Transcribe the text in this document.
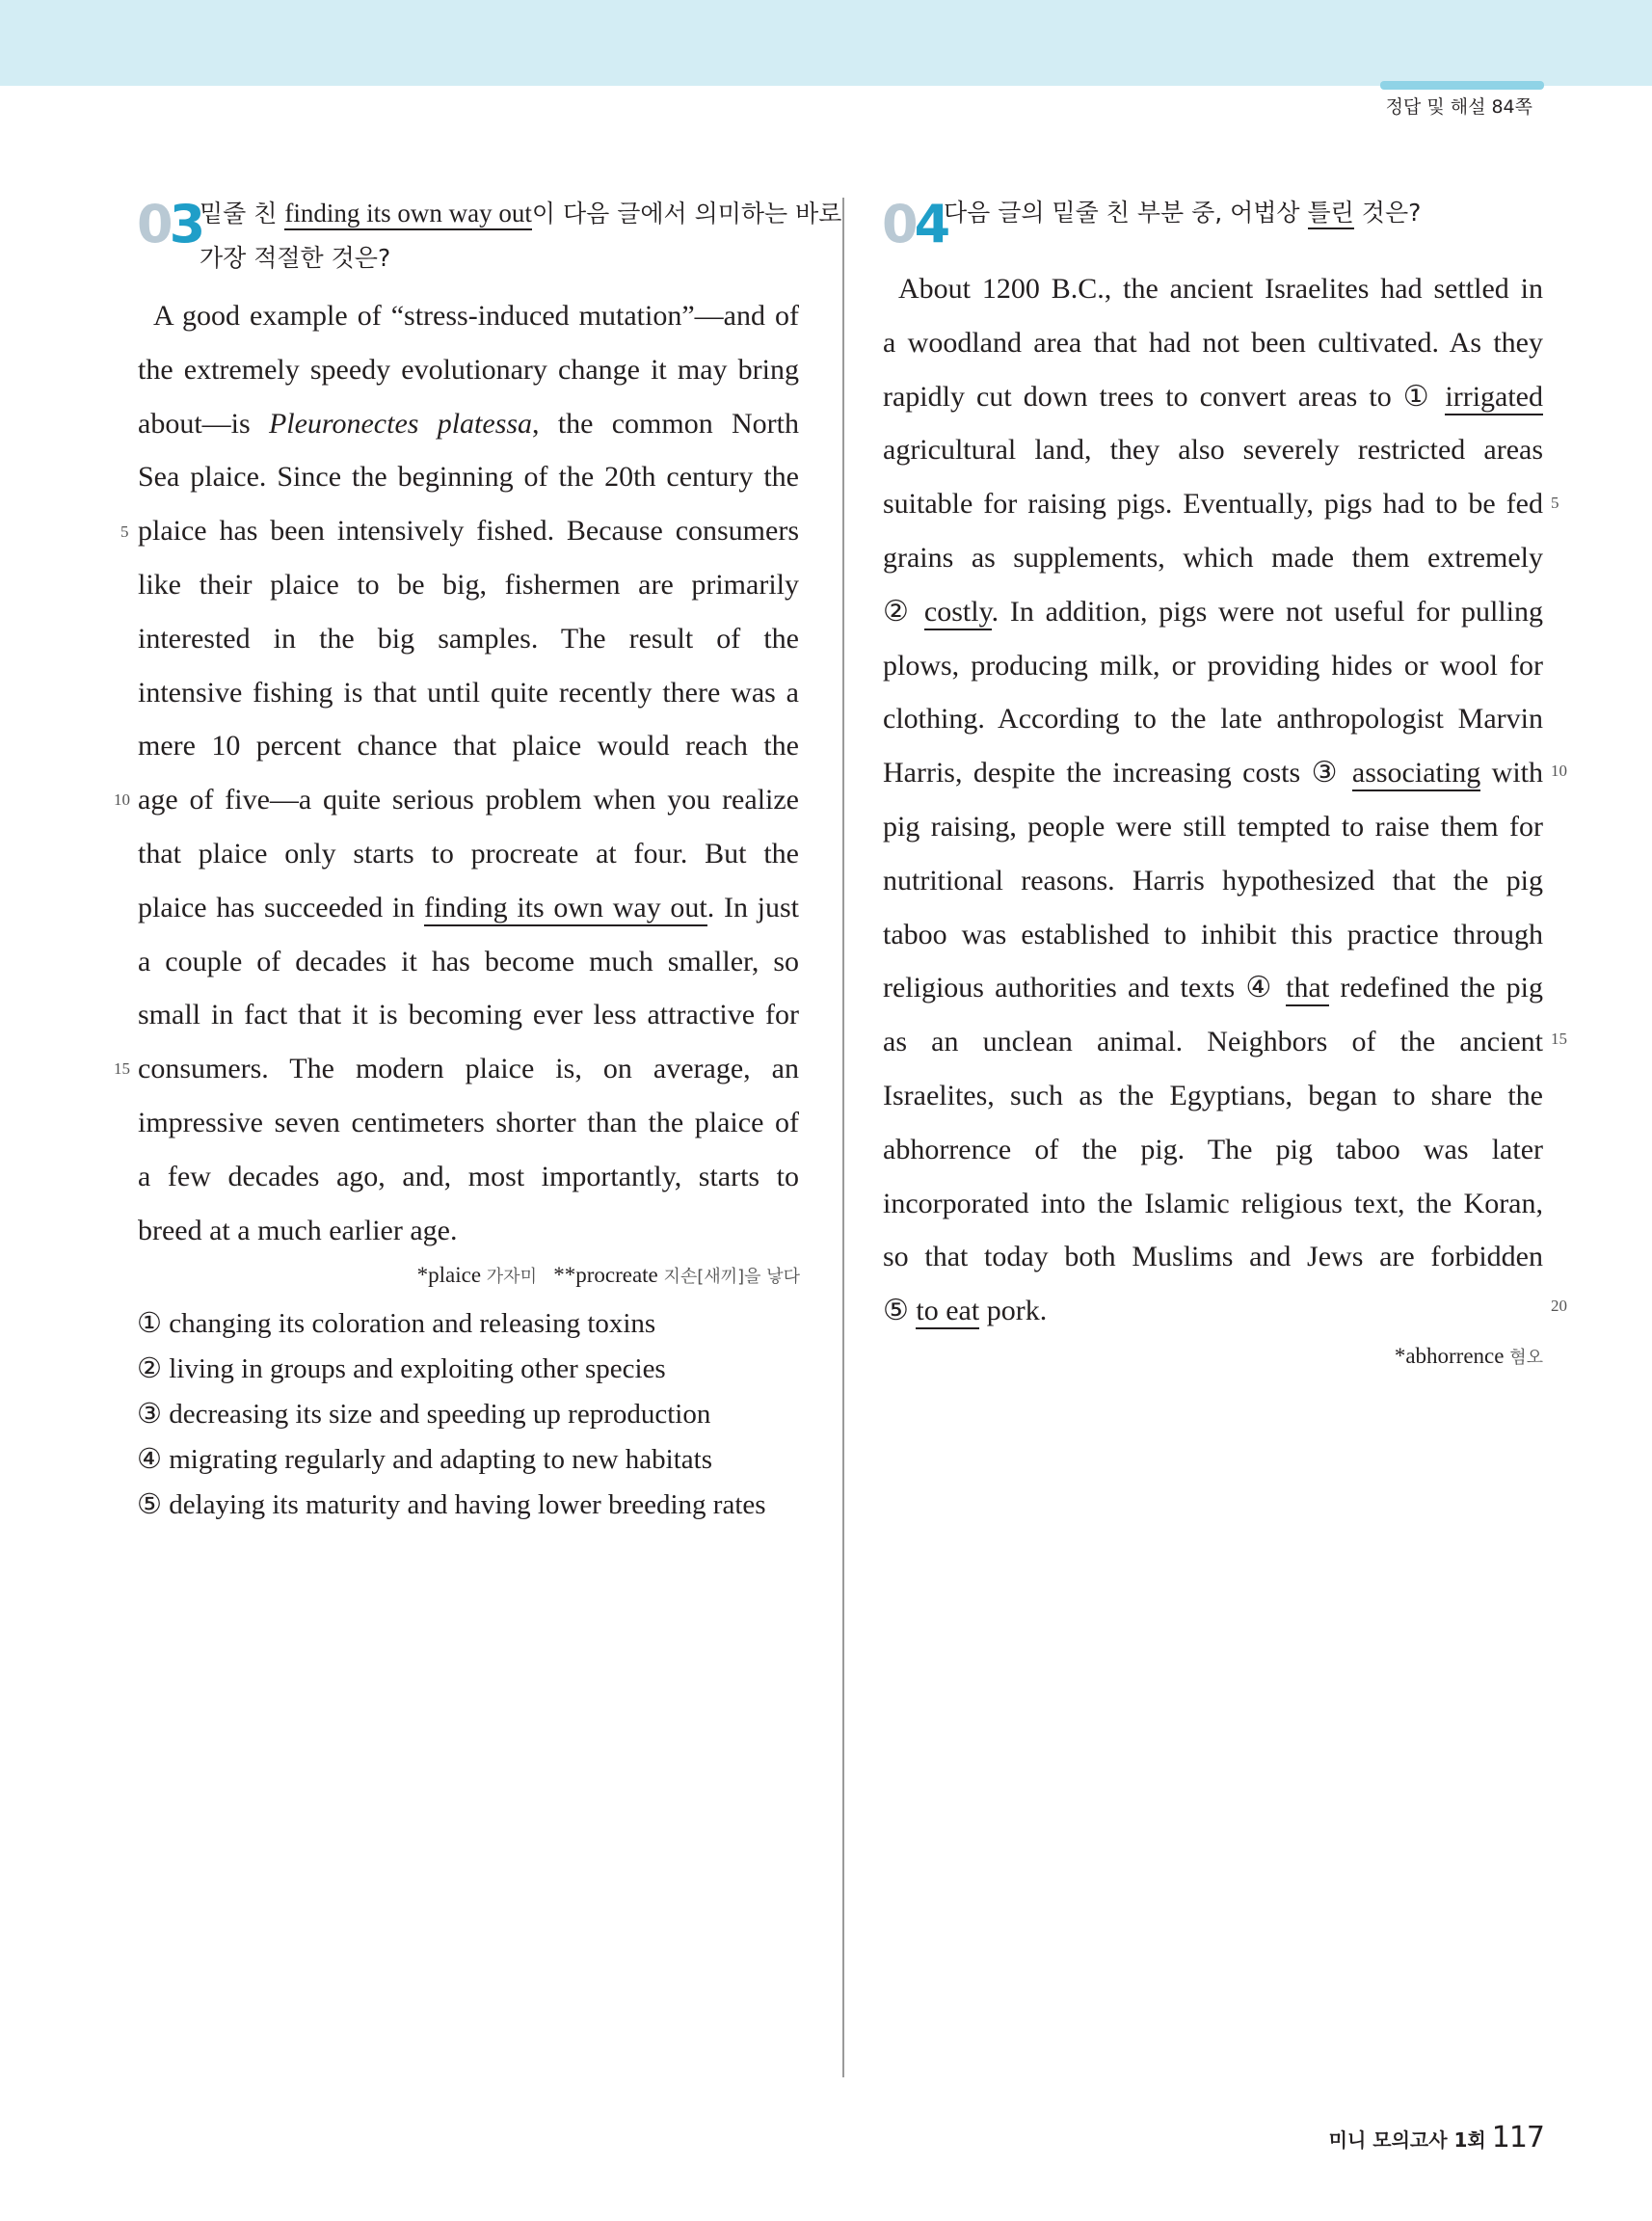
정답 및 해설 84쪽
03
밑줄 친 finding its own way out이 다음 글에서 의미하는 바로
가장 적절한 것은?
A good example of “stress-induced mutation”—and of
the extremely speedy evolutionary change it may bring
about—is Pleuronectes platessa, the common North
Sea plaice. Since the beginning of the 20th century the
plaice has been intensively fished. Because consumers
like their plaice to be big, fishermen are primarily
interested in the big samples. The result of the
intensive fishing is that until quite recently there was a
mere 10 percent chance that plaice would reach the
age of five—a quite serious problem when you realize
that plaice only starts to procreate at four. But the
plaice has succeeded in finding its own way out. In just
a couple of decades it has become much smaller, so
small in fact that it is becoming ever less attractive for
consumers. The modern plaice is, on average, an
impressive seven centimeters shorter than the plaice of
a few decades ago, and, most importantly, starts to
breed at a much earlier age.
5
10
15
*plaice 가자미 **procreate 지손[새끼]을 낳다
① changing its coloration and releasing toxins
② living in groups and exploiting other species
③ decreasing its size and speeding up reproduction
④ migrating regularly and adapting to new habitats
⑤ delaying its maturity and having lower breeding rates
04
다음 글의 밑줄 친 부분 중, 어법상 틀린 것은?
About 1200 B.C., the ancient Israelites had settled in
a woodland area that had not been cultivated. As they
rapidly cut down trees to convert areas to ① irrigated
agricultural land, they also severely restricted areas
suitable for raising pigs. Eventually, pigs had to be fed
grains as supplements, which made them extremely
② costly. In addition, pigs were not useful for pulling
plows, producing milk, or providing hides or wool for
clothing. According to the late anthropologist Marvin
Harris, despite the increasing costs ③ associating with
pig raising, people were still tempted to raise them for
nutritional reasons. Harris hypothesized that the pig
taboo was established to inhibit this practice through
religious authorities and texts ④ that redefined the pig
as an unclean animal. Neighbors of the ancient
Israelites, such as the Egyptians, began to share the
abhorrence of the pig. The pig taboo was later
incorporated into the Islamic religious text, the Koran,
so that today both Muslims and Jews are forbidden
⑤ to eat pork.
5
10
15
20
*abhorrence 혐오
미니 모의고사 1회 117
